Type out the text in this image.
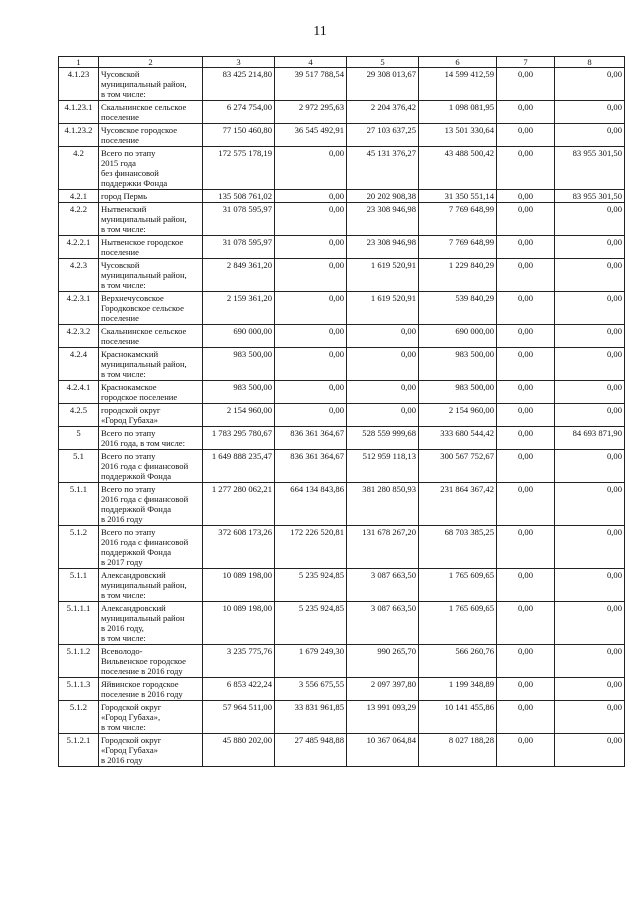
11
1	2	3	4	5	6	7	8
4.1.23	Чусовской
муниципальный район,
в том числе:	83 425 214,80	39 517 788,54	29 308 013,67	14 599 412,59	0,00	0,00
4.1.23.1	Скальнинское сельское
поселение	6 274 754,00	2 972 295,63	2 204 376,42	1 098 081,95	0,00	0,00
4.1.23.2	Чусовское городское
поселение	77 150 460,80	36 545 492,91	27 103 637,25	13 501 330,64	0,00	0,00
4.2	Всего по этапу
2015 года
без финансовой
поддержки Фонда	172 575 178,19	0,00	45 131 376,27	43 488 500,42	0,00	83 955 301,50
4.2.1	город Пермь	135 508 761,02	0,00	20 202 908,38	31 350 551,14	0,00	83 955 301,50
4.2.2	Нытвенский
муниципальный район,
в том числе:	31 078 595,97	0,00	23 308 946,98	7 769 648,99	0,00	0,00
4.2.2.1	Нытвенское городское
поселение	31 078 595,97	0,00	23 308 946,98	7 769 648,99	0,00	0,00
4.2.3	Чусовской
муниципальный район,
в том числе:	2 849 361,20	0,00	1 619 520,91	1 229 840,29	0,00	0,00
4.2.3.1	Верхнечусовское
Городковское сельское
поселение	2 159 361,20	0,00	1 619 520,91	539 840,29	0,00	0,00
4.2.3.2	Скальнинское сельское
поселение	690 000,00	0,00	0,00	690 000,00	0,00	0,00
4.2.4	Краснокамский
муниципальный район,
в том числе:	983 500,00	0,00	0,00	983 500,00	0,00	0,00
4.2.4.1	Краснокамское
городское поселение	983 500,00	0,00	0,00	983 500,00	0,00	0,00
4.2.5	городской округ
«Город Губаха»	2 154 960,00	0,00	0,00	2 154 960,00	0,00	0,00
5	Всего по этапу
2016 года, в том числе:	1 783 295 780,67	836 361 364,67	528 559 999,68	333 680 544,42	0,00	84 693 871,90
5.1	Всего по этапу
2016 года с финансовой
поддержкой Фонда	1 649 888 235,47	836 361 364,67	512 959 118,13	300 567 752,67	0,00	0,00
5.1.1	Всего по этапу
2016 года с финансовой
поддержкой Фонда
в 2016 году	1 277 280 062,21	664 134 843,86	381 280 850,93	231 864 367,42	0,00	0,00
5.1.2	Всего по этапу
2016 года с финансовой
поддержкой Фонда
в 2017 году	372 608 173,26	172 226 520,81	131 678 267,20	68 703 385,25	0,00	0,00
5.1.1	Александровский
муниципальный район,
в том числе:	10 089 198,00	5 235 924,85	3 087 663,50	1 765 609,65	0,00	0,00
5.1.1.1	Александровский
муниципальный район
в 2016 году,
в том числе:	10 089 198,00	5 235 924,85	3 087 663,50	1 765 609,65	0,00	0,00
5.1.1.2	Всеволодо-
Вильвенское городское
поселение в 2016 году	3 235 775,76	1 679 249,30	990 265,70	566 260,76	0,00	0,00
5.1.1.3	Яйвинское городское
поселение в 2016 году	6 853 422,24	3 556 675,55	2 097 397,80	1 199 348,89	0,00	0,00
5.1.2	Городской округ
«Город Губаха»,
в том числе:	57 964 511,00	33 831 961,85	13 991 093,29	10 141 455,86	0,00	0,00
5.1.2.1	Городской округ
«Город Губаха»
в 2016 году	45 880 202,00	27 485 948,88	10 367 064,84	8 027 188,28	0,00	0,00
